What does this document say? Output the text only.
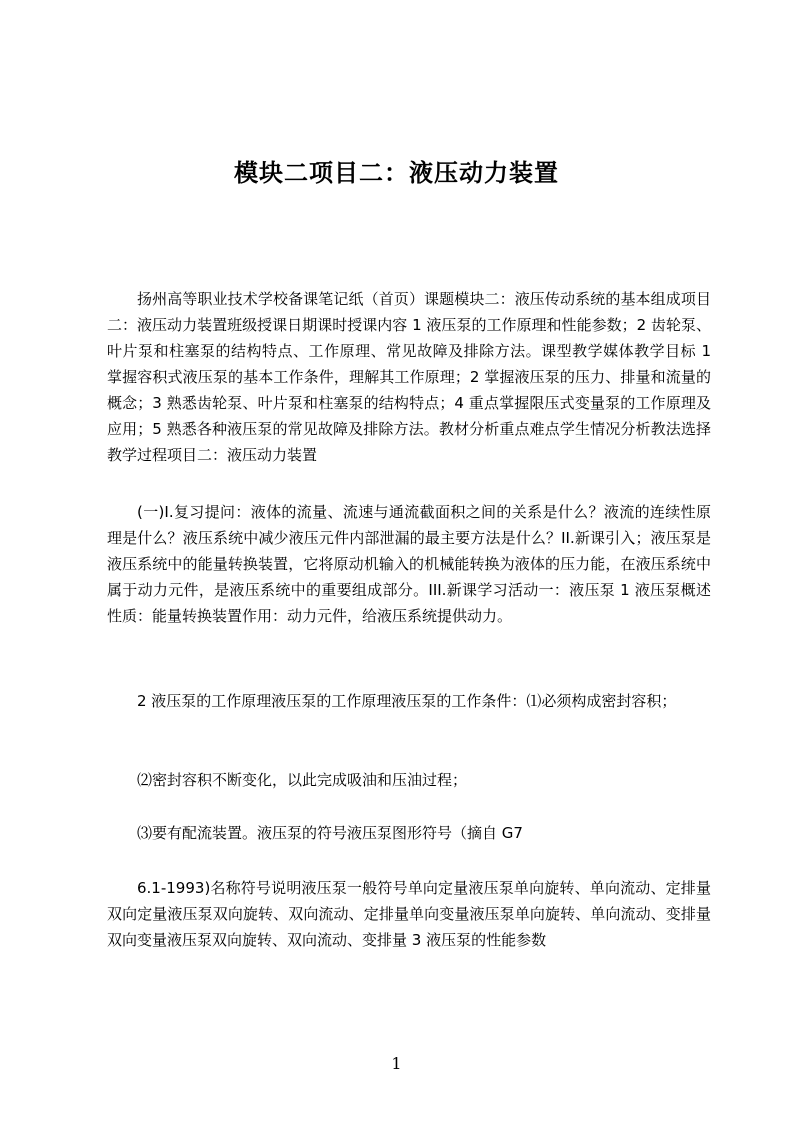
模块二项目二：液压动力装置

扬州高等职业技术学校备课笔记纸（首页）课题模块二：液压传动系统的基本组成项目二：液压动力装置班级授课日期课时授课内容 1 液压泵的工作原理和性能参数；2 齿轮泵、叶片泵和柱塞泵的结构特点、工作原理、常见故障及排除方法。课型教学媒体教学目标 1 掌握容积式液压泵的基本工作条件，理解其工作原理；2 掌握液压泵的压力、排量和流量的概念；3 熟悉齿轮泵、叶片泵和柱塞泵的结构特点；4 重点掌握限压式变量泵的工作原理及应用；5 熟悉各种液压泵的常见故障及排除方法。教材分析重点难点学生情况分析教法选择教学过程项目二：液压动力装置

(一)I.复习提问：液体的流量、流速与通流截面积之间的关系是什么？液流的连续性原理是什么？液压系统中减少液压元件内部泄漏的最主要方法是什么？II.新课引入；液压泵是液压系统中的能量转换装置，它将原动机输入的机械能转换为液体的压力能，在液压系统中属于动力元件，是液压系统中的重要组成部分。III.新课学习活动一：液压泵 1 液压泵概述性质：能量转换装置作用：动力元件，给液压系统提供动力。

2 液压泵的工作原理液压泵的工作原理液压泵的工作条件：⑴必须构成密封容积；

⑵密封容积不断变化，以此完成吸油和压油过程；

⑶要有配流装置。液压泵的符号液压泵图形符号（摘自 G7

6.1-1993)名称符号说明液压泵一般符号单向定量液压泵单向旋转、单向流动、定排量双向定量液压泵双向旋转、双向流动、定排量单向变量液压泵单向旋转、单向流动、变排量双向变量液压泵双向旋转、双向流动、变排量 3 液压泵的性能参数

1
